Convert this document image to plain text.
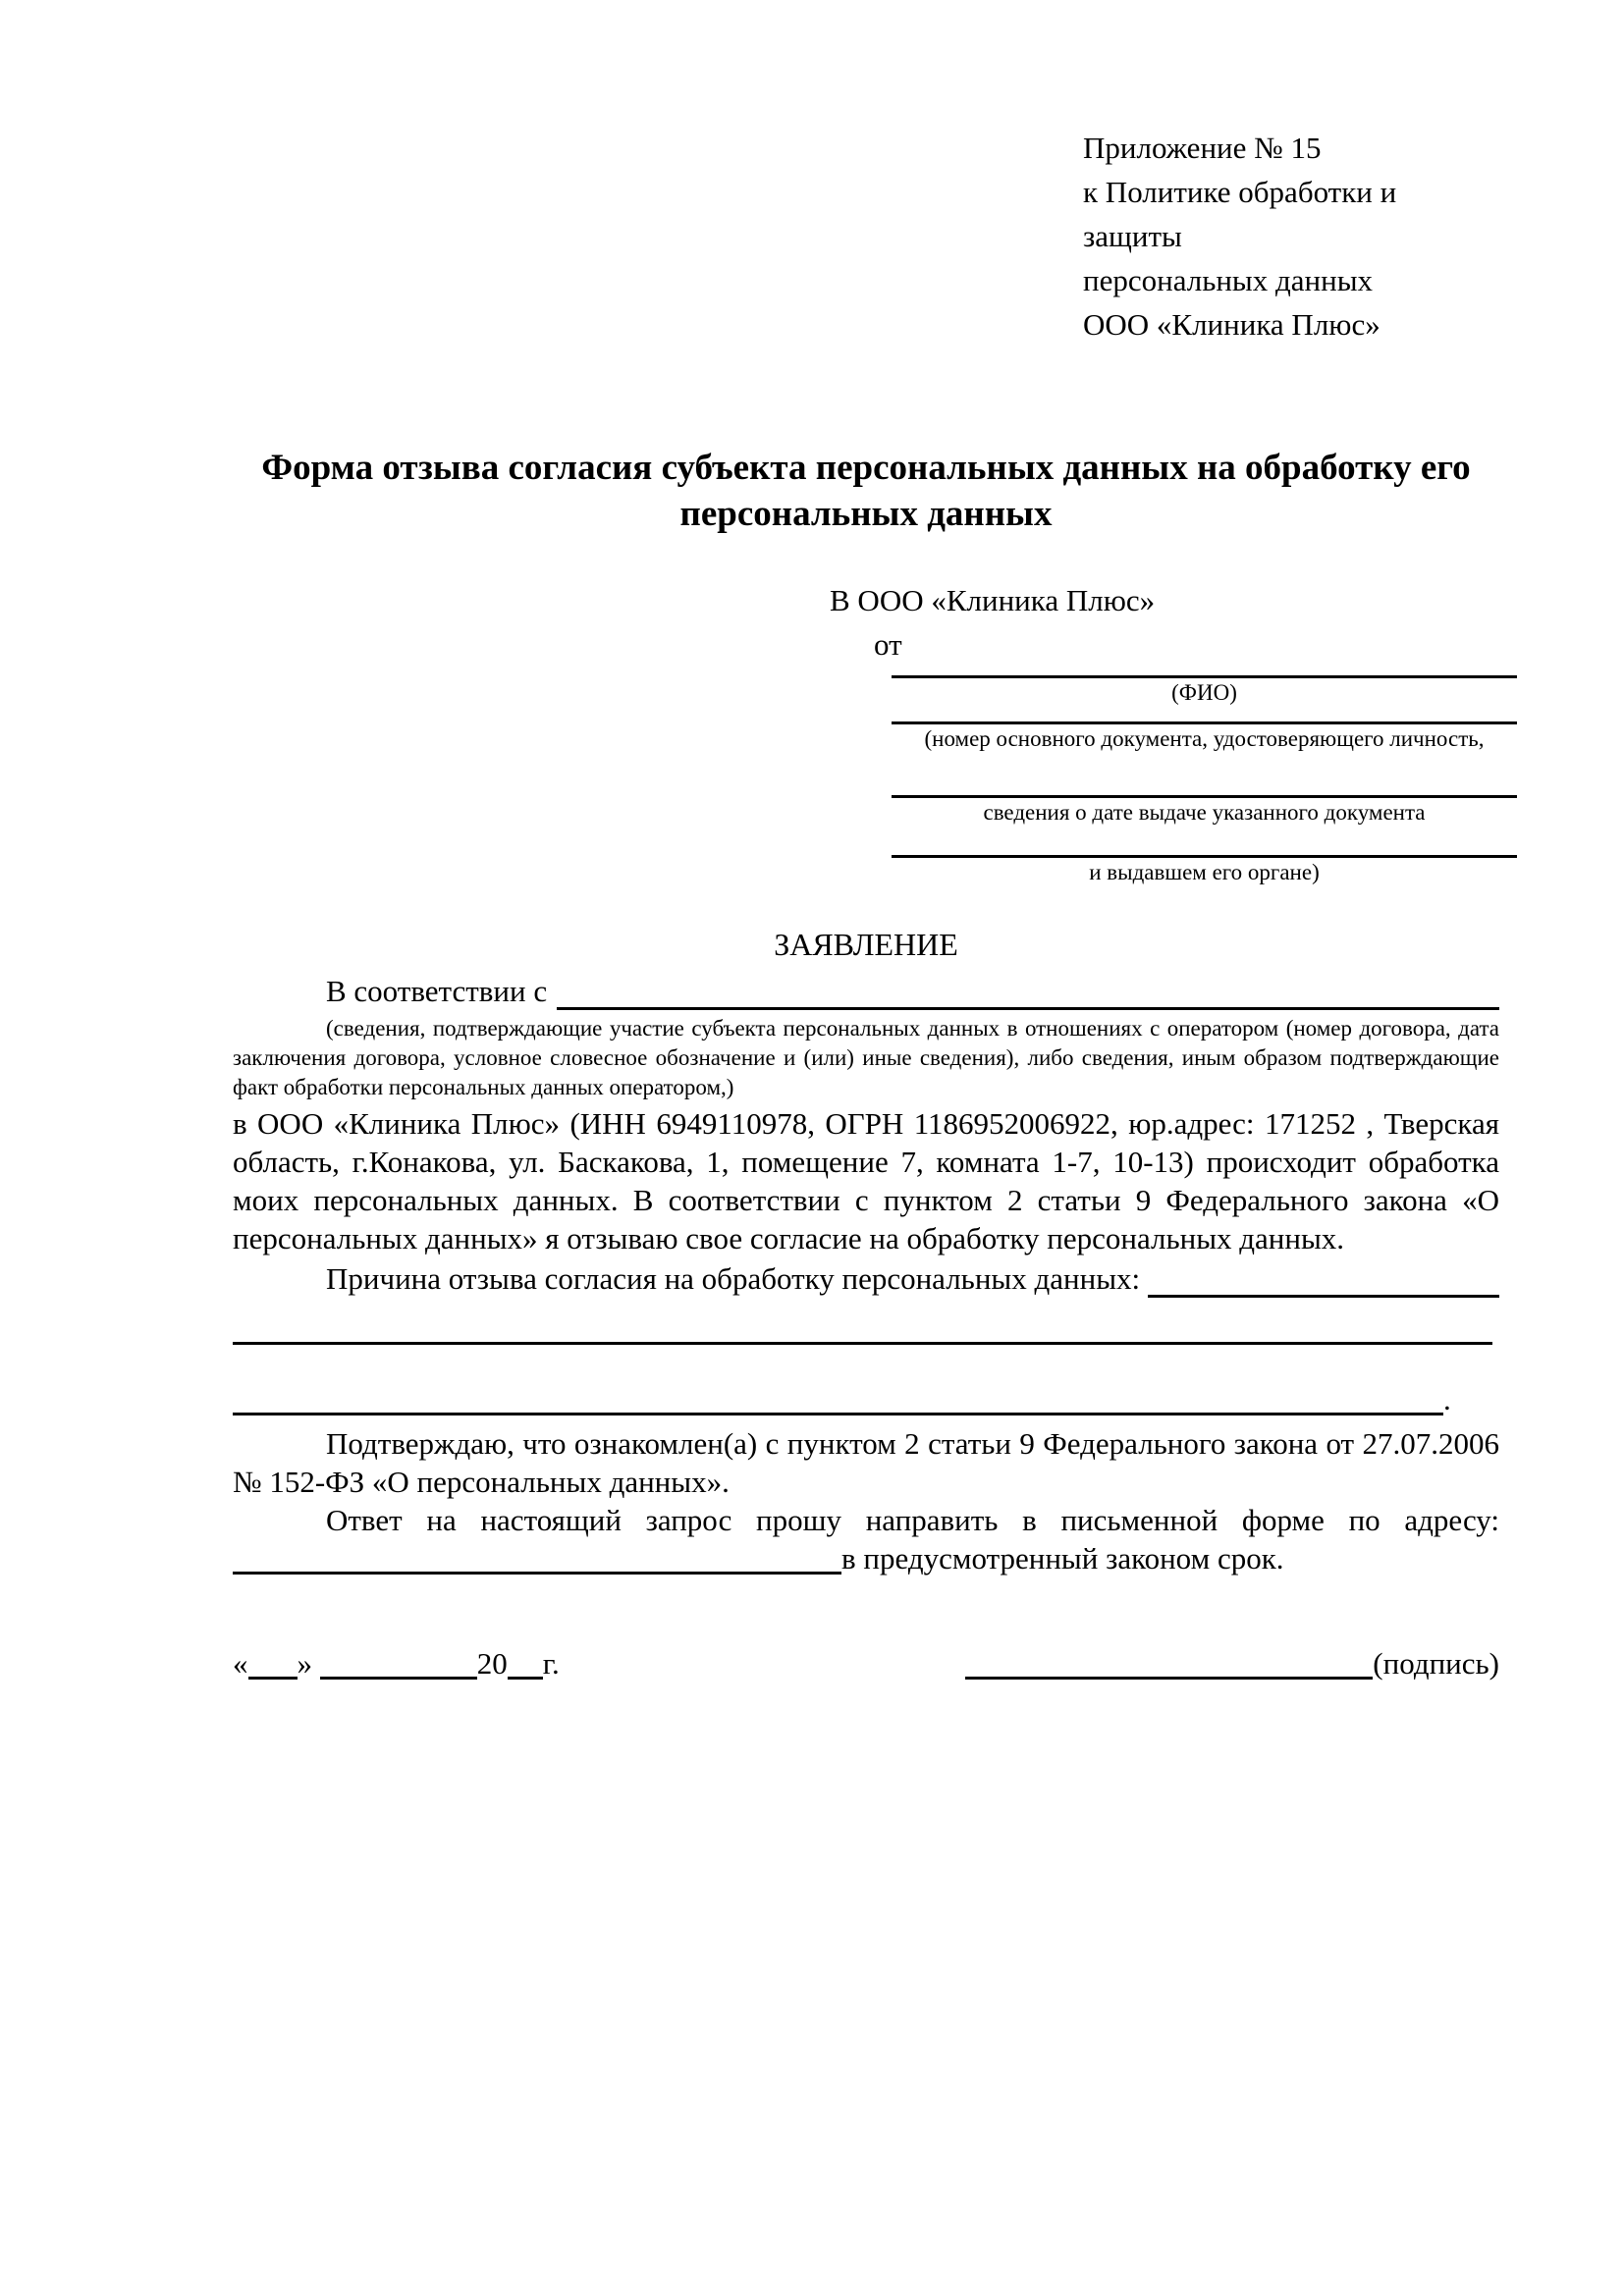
Приложение № 15
к Политике обработки и защиты
персональных данных
ООО «Клиника Плюс»
Форма отзыва согласия субъекта персональных данных на обработку его персональных данных
В ООО «Клиника Плюс»
от
(ФИО)
(номер основного документа, удостоверяющего личность,
сведения о дате выдаче указанного документа
и выдавшем его органе)
ЗАЯВЛЕНИЕ
В соответствии с
(сведения, подтверждающие участие субъекта персональных данных в отношениях с оператором (номер договора, дата заключения договора, условное словесное обозначение и (или) иные сведения), либо сведения, иным образом подтверждающие факт обработки персональных данных оператором,)
в ООО «Клиника Плюс» (ИНН 6949110978, ОГРН 1186952006922, юр.адрес: 171252 , Тверская область, г.Конакова, ул. Баскакова, 1, помещение 7, комната 1-7, 10-13) происходит обработка моих персональных данных. В соответствии с пунктом 2 статьи 9 Федерального закона «О персональных данных» я отзываю свое согласие на обработку персональных данных.
Причина отзыва согласия на обработку персональных данных:
.
Подтверждаю, что ознакомлен(а) с пунктом 2 статьи 9 Федерального закона от 27.07.2006 № 152-ФЗ «О персональных данных».
Ответ на настоящий запрос прошу направить в письменной форме по адресу: в предусмотренный законом срок.
« »	20 г.	(подпись)
